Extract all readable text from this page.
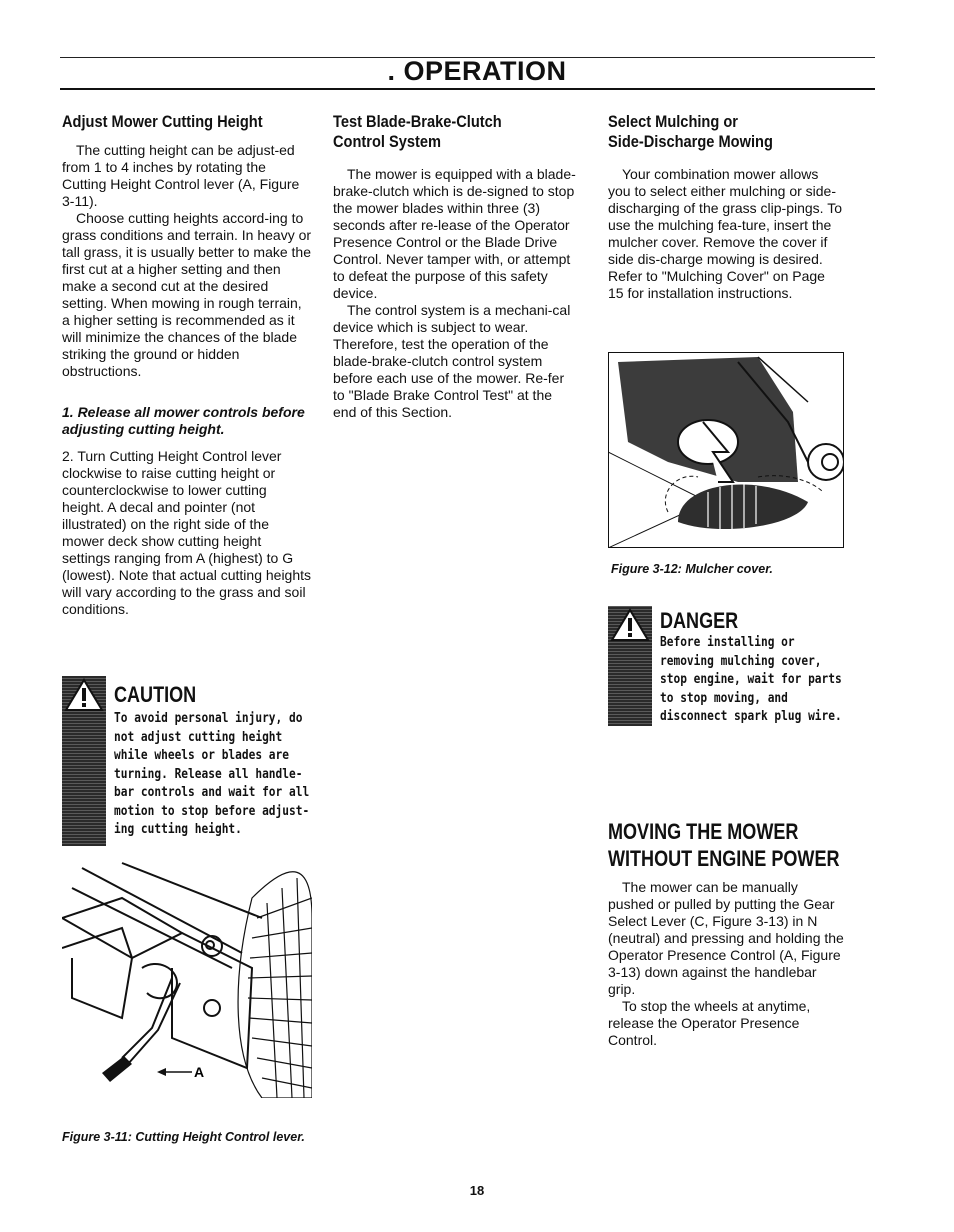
. OPERATION
Adjust Mower Cutting Height

The cutting height can be adjust-ed from 1 to 4 inches by rotating the Cutting Height Control lever (A, Figure 3-11).

Choose cutting heights accord-ing to grass conditions and terrain. In heavy or tall grass, it is usually better to make the first cut at a higher setting and then make a second cut at the desired setting. When mowing in rough terrain, a higher setting is recommended as it will minimize the chances of the blade striking the ground or hidden obstructions.

1. Release all mower controls before adjusting cutting height.

2. Turn Cutting Height Control lever clockwise to raise cutting height or counterclockwise to lower cutting height. A decal and pointer (not illustrated) on the right side of the mower deck show cutting height settings ranging from A (highest) to G (lowest). Note that actual cutting heights will vary according to the grass and soil conditions.

CAUTION
To avoid personal injury, do not adjust cutting height while wheels or blades are turning. Release all handle-bar controls and wait for all motion to stop before adjust-ing cutting height.
A
Figure 3-11: Cutting Height Control lever.
Test Blade-Brake-Clutch
Control System

The mower is equipped with a blade-brake-clutch which is de-signed to stop the mower blades within three (3) seconds after re-lease of the Operator Presence Control or the Blade Drive Control. Never tamper with, or attempt to defeat the purpose of this safety device.

The control system is a mechani-cal device which is subject to wear. Therefore, test the operation of the blade-brake-clutch control system before each use of the mower. Re-fer to "Blade Brake Control Test" at the end of this Section.

Select Mulching or
Side-Discharge Mowing

Your combination mower allows you to select either mulching or side-discharging of the grass clip-pings. To use the mulching fea-ture, insert the mulcher cover. Remove the cover if side dis-charge mowing is desired. Refer to "Mulching Cover" on Page 15 for installation instructions.

Figure 3-12: Mulcher cover.
DANGER
Before installing or removing mulching cover, stop engine, wait for parts to stop moving, and disconnect spark plug wire.
MOVING THE MOWER
WITHOUT ENGINE POWER

The mower can be manually pushed or pulled by putting the Gear Select Lever (C, Figure 3-13) in N (neutral) and pressing and holding the Operator Presence Control (A, Figure 3-13) down against the handlebar grip.

To stop the wheels at anytime, release the Operator Presence Control.

18
